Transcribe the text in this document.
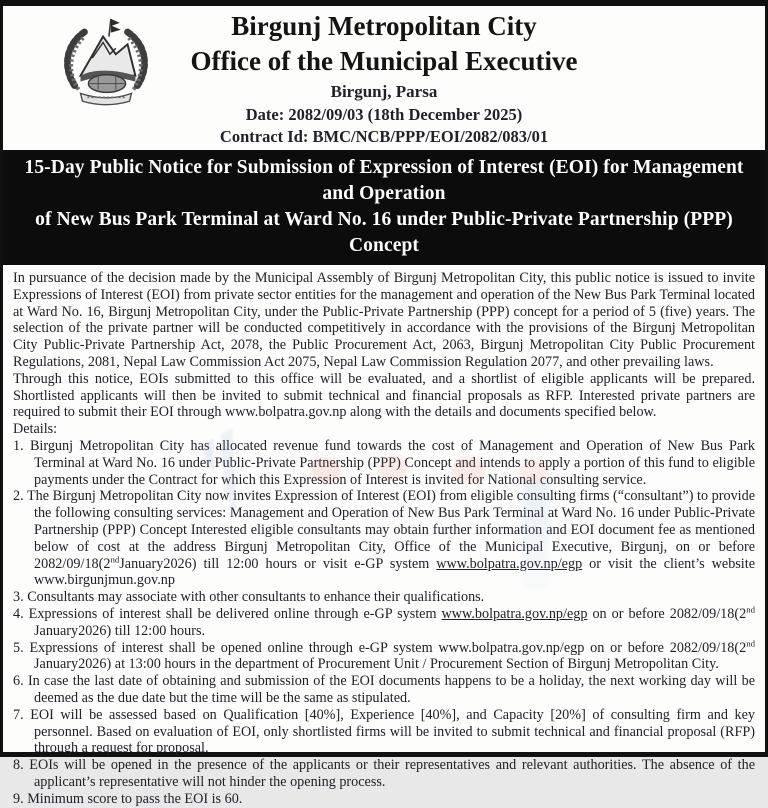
Birgunj Metropolitan City
Office of the Municipal Executive
Birgunj, Parsa
Date: 2082/09/03 (18th December 2025)
Contract Id: BMC/NCB/PPP/EOI/2082/083/01
15-Day Public Notice for Submission of Expression of Interest (EOI) for Management and Operation
of New Bus Park Terminal at Ward No. 16 under Public-Private Partnership (PPP) Concept

In pursuance of the decision made by the Municipal Assembly of Birgunj Metropolitan City, this public notice is issued to invite Expressions of Interest (EOI) from private sector entities for the management and operation of the New Bus Park Terminal located at Ward No. 16, Birgunj Metropolitan City, under the Public-Private Partnership (PPP) concept for a period of 5 (five) years. The selection of the private partner will be conducted competitively in accordance with the provisions of the Birgunj Metropolitan City Public-Private Partnership Act, 2078, the Public Procurement Act, 2063, Birgunj Metropolitan City Public Procurement Regulations, 2081, Nepal Law Commission Act 2075, Nepal Law Commission Regulation 2077, and other prevailing laws.

Through this notice, EOIs submitted to this office will be evaluated, and a shortlist of eligible applicants will be prepared. Shortlisted applicants will then be invited to submit technical and financial proposals as RFP. Interested private partners are required to submit their EOI through www.bolpatra.gov.np along with the details and documents specified below.

Details:
1. Birgunj Metropolitan City has allocated revenue fund towards the cost of Management and Operation of New Bus Park Terminal at Ward No. 16 under Public-Private Partnership (PPP) Concept and intends to apply a portion of this fund to eligible payments under the Contract for which this Expression of Interest is invited for National consulting service.
2. The Birgunj Metropolitan City now invites Expression of Interest (EOI) from eligible consulting firms (“consultant”) to provide the following consulting services: Management and Operation of New Bus Park Terminal at Ward No. 16 under Public-Private Partnership (PPP) Concept Interested eligible consultants may obtain further information and EOI document fee as mentioned below of cost at the address Birgunj Metropolitan City, Office of the Municipal Executive, Birgunj, on or before 2082/09/18(2ndJanuary2026) till 12:00 hours or visit e-GP system www.bolpatra.gov.np/egp or visit the client’s website www.birgunjmun.gov.np
3. Consultants may associate with other consultants to enhance their qualifications.
4. Expressions of interest shall be delivered online through e-GP system www.bolpatra.gov.np/egp on or before 2082/09/18(2nd January2026) till 12:00 hours.
5. Expressions of interest shall be opened online through e-GP system www.bolpatra.gov.np/egp on or before 2082/09/18(2nd January2026) at 13:00 hours in the department of Procurement Unit / Procurement Section of Birgunj Metropolitan City.
6. In case the last date of obtaining and submission of the EOI documents happens to be a holiday, the next working day will be deemed as the due date but the time will be the same as stipulated.
7. EOI will be assessed based on Qualification [40%], Experience [40%], and Capacity [20%] of consulting firm and key personnel. Based on evaluation of EOI, only shortlisted firms will be invited to submit technical and financial proposal (RFP) through a request for proposal.
8. EOIs will be opened in the presence of the applicants or their representatives and relevant authorities. The absence of the applicant’s representative will not hinder the opening process.
9. Minimum score to pass the EOI is 60.
